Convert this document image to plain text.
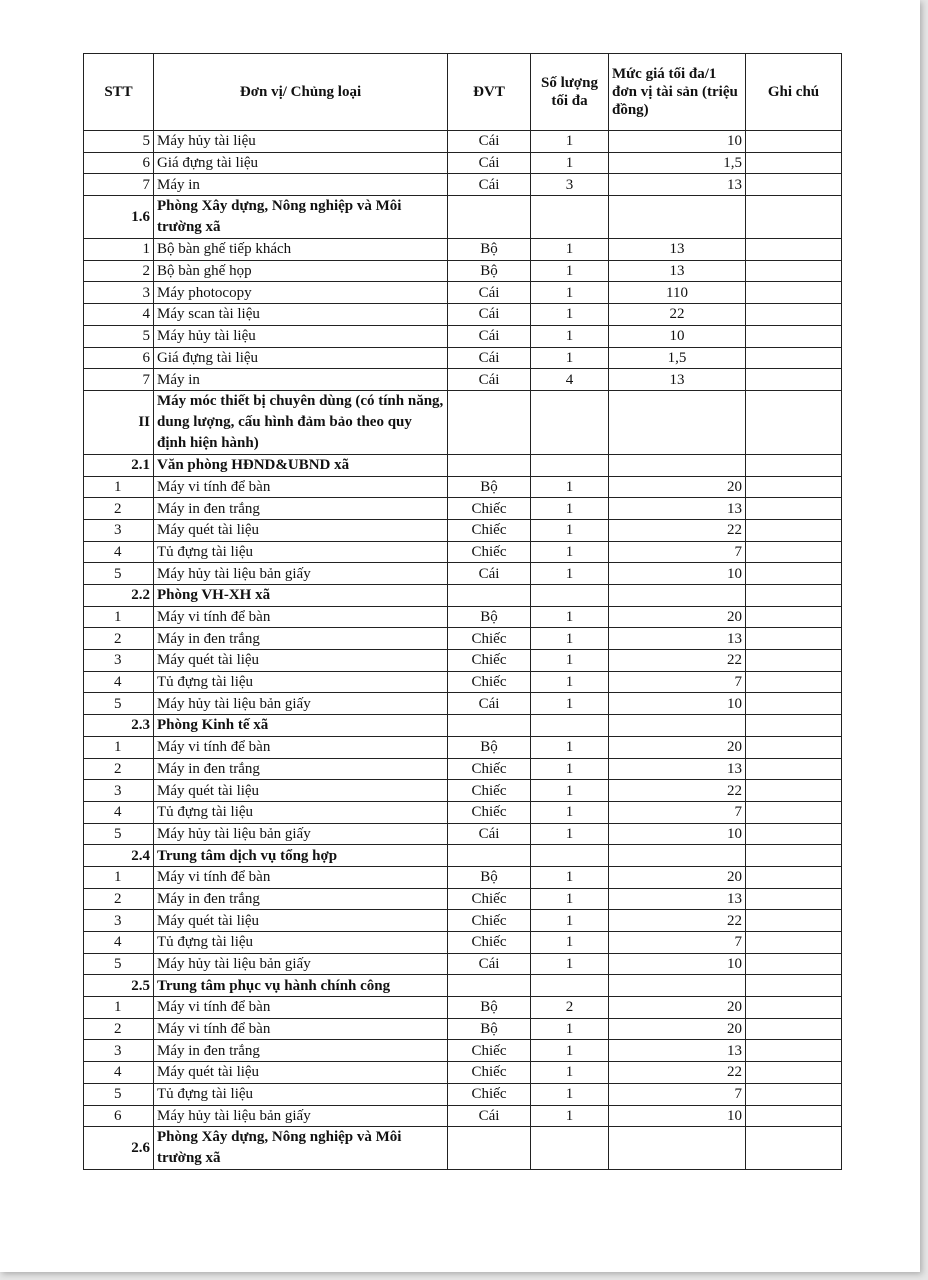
STT	Đơn vị/ Chủng loại	ĐVT	Số lượng tối đa	Mức giá tối đa/1 đơn vị tài sản (triệu đồng)	Ghi chú
5	Máy hủy tài liệu	Cái	1	10	
6	Giá đựng tài liệu	Cái	1	1,5	
7	Máy in	Cái	3	13	
1.6	Phòng Xây dựng, Nông nghiệp và Môi trường xã				
1	Bộ bàn ghế tiếp khách	Bộ	1	13	
2	Bộ bàn ghế họp	Bộ	1	13	
3	Máy photocopy	Cái	1	110	
4	Máy scan tài liệu	Cái	1	22	
5	Máy hủy tài liệu	Cái	1	10	
6	Giá đựng tài liệu	Cái	1	1,5	
7	Máy in	Cái	4	13	
II	Máy móc thiết bị chuyên dùng (có tính năng, dung lượng, cấu hình đảm bảo theo quy định hiện hành)				
2.1	Văn phòng HĐND&UBND xã				
1	Máy vi tính để bàn	Bộ	1	20	
2	Máy in đen trắng	Chiếc	1	13	
3	Máy quét tài liệu	Chiếc	1	22	
4	Tủ đựng tài liệu	Chiếc	1	7	
5	Máy hủy tài liệu bản giấy	Cái	1	10	
2.2	Phòng VH-XH xã				
1	Máy vi tính để bàn	Bộ	1	20	
2	Máy in đen trắng	Chiếc	1	13	
3	Máy quét tài liệu	Chiếc	1	22	
4	Tủ đựng tài liệu	Chiếc	1	7	
5	Máy hủy tài liệu bản giấy	Cái	1	10	
2.3	Phòng Kinh tế xã				
1	Máy vi tính để bàn	Bộ	1	20	
2	Máy in đen trắng	Chiếc	1	13	
3	Máy quét tài liệu	Chiếc	1	22	
4	Tủ đựng tài liệu	Chiếc	1	7	
5	Máy hủy tài liệu bản giấy	Cái	1	10	
2.4	Trung tâm dịch vụ tổng hợp				
1	Máy vi tính để bàn	Bộ	1	20	
2	Máy in đen trắng	Chiếc	1	13	
3	Máy quét tài liệu	Chiếc	1	22	
4	Tủ đựng tài liệu	Chiếc	1	7	
5	Máy hủy tài liệu bản giấy	Cái	1	10	
2.5	Trung tâm phục vụ hành chính công				
1	Máy vi tính để bàn	Bộ	2	20	
2	Máy vi tính để bàn	Bộ	1	20	
3	Máy in đen trắng	Chiếc	1	13	
4	Máy quét tài liệu	Chiếc	1	22	
5	Tủ đựng tài liệu	Chiếc	1	7	
6	Máy hủy tài liệu bản giấy	Cái	1	10	
2.6	Phòng Xây dựng, Nông nghiệp và Môi trường xã				
